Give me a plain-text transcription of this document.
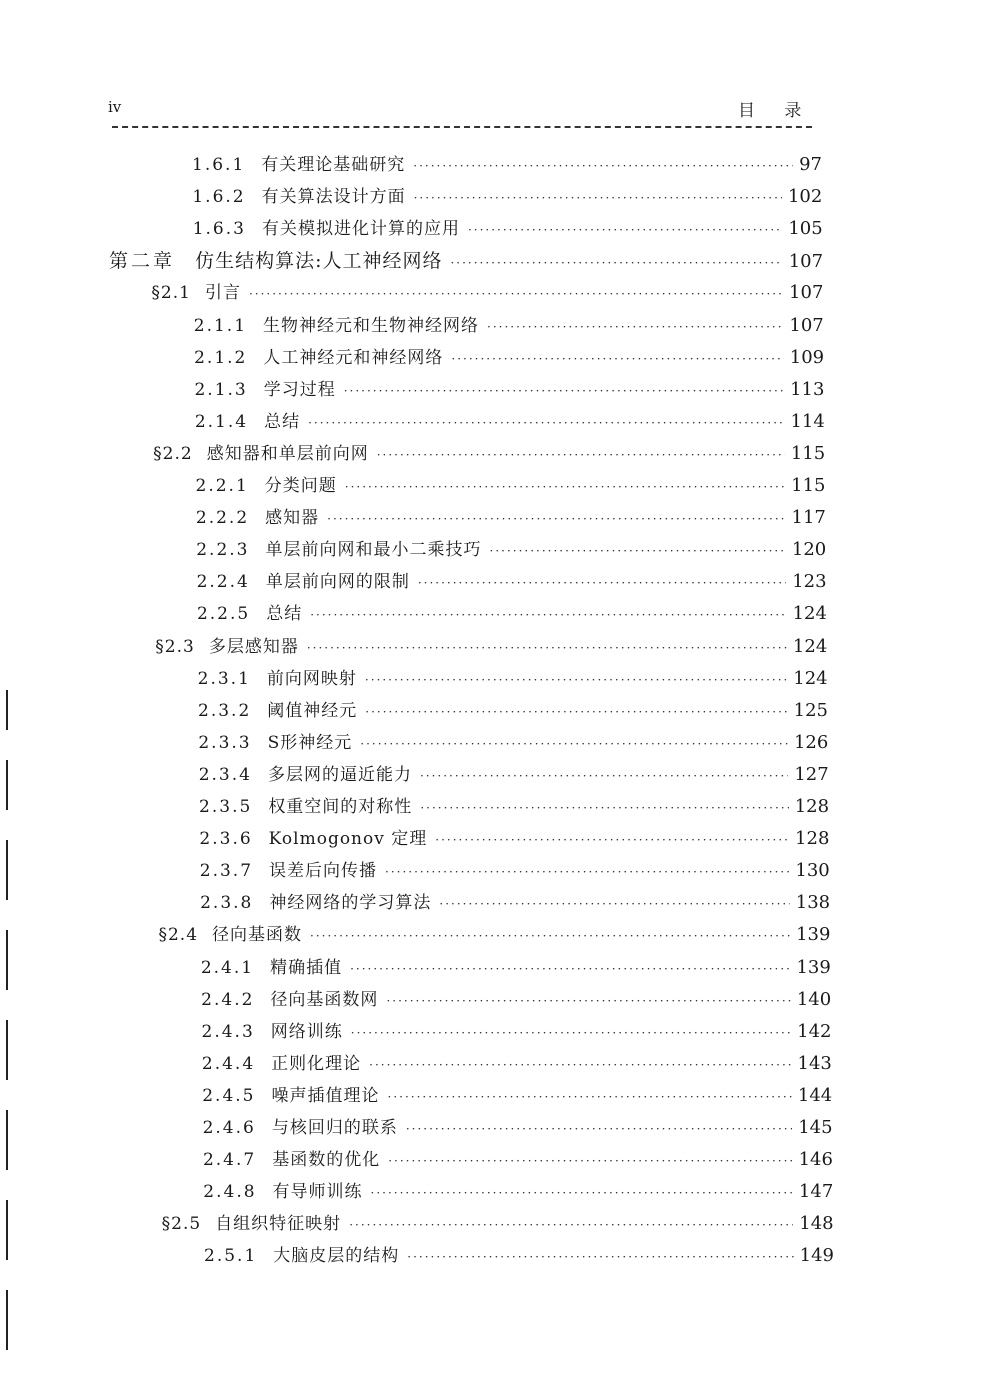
iv	目 录
1.6.1 有关理论基础研究 ·····	97
1.6.2 有关算法设计方面 ·····	102
1.6.3 有关模拟进化计算的应用 ·····	105
第二章 仿生结构算法:人工神经网络 ·····	107
§2.1 引言 ·····	107
2.1.1 生物神经元和生物神经网络 ·····	107
2.1.2 人工神经元和神经网络 ·····	109
2.1.3 学习过程 ·····	113
2.1.4 总结 ·····	114
§2.2 感知器和单层前向网 ·····	115
2.2.1 分类问题 ·····	115
2.2.2 感知器 ·····	117
2.2.3 单层前向网和最小二乘技巧 ·····	120
2.2.4 单层前向网的限制 ·····	123
2.2.5 总结 ·····	124
§2.3 多层感知器 ·····	124
2.3.1 前向网映射 ·····	124
2.3.2 阈值神经元 ·····	125
2.3.3 S形神经元 ·····	126
2.3.4 多层网的逼近能力 ·····	127
2.3.5 权重空间的对称性 ·····	128
2.3.6 Kolmogonov 定理 ·····	128
2.3.7 误差后向传播 ·····	130
2.3.8 神经网络的学习算法 ·····	138
§2.4 径向基函数 ·····	139
2.4.1 精确插值 ·····	139
2.4.2 径向基函数网 ·····	140
2.4.3 网络训练 ·····	142
2.4.4 正则化理论 ·····	143
2.4.5 噪声插值理论 ·····	144
2.4.6 与核回归的联系 ·····	145
2.4.7 基函数的优化 ·····	146
2.4.8 有导师训练 ·····	147
§2.5 自组织特征映射 ·····	148
2.5.1 大脑皮层的结构 ·····	149
